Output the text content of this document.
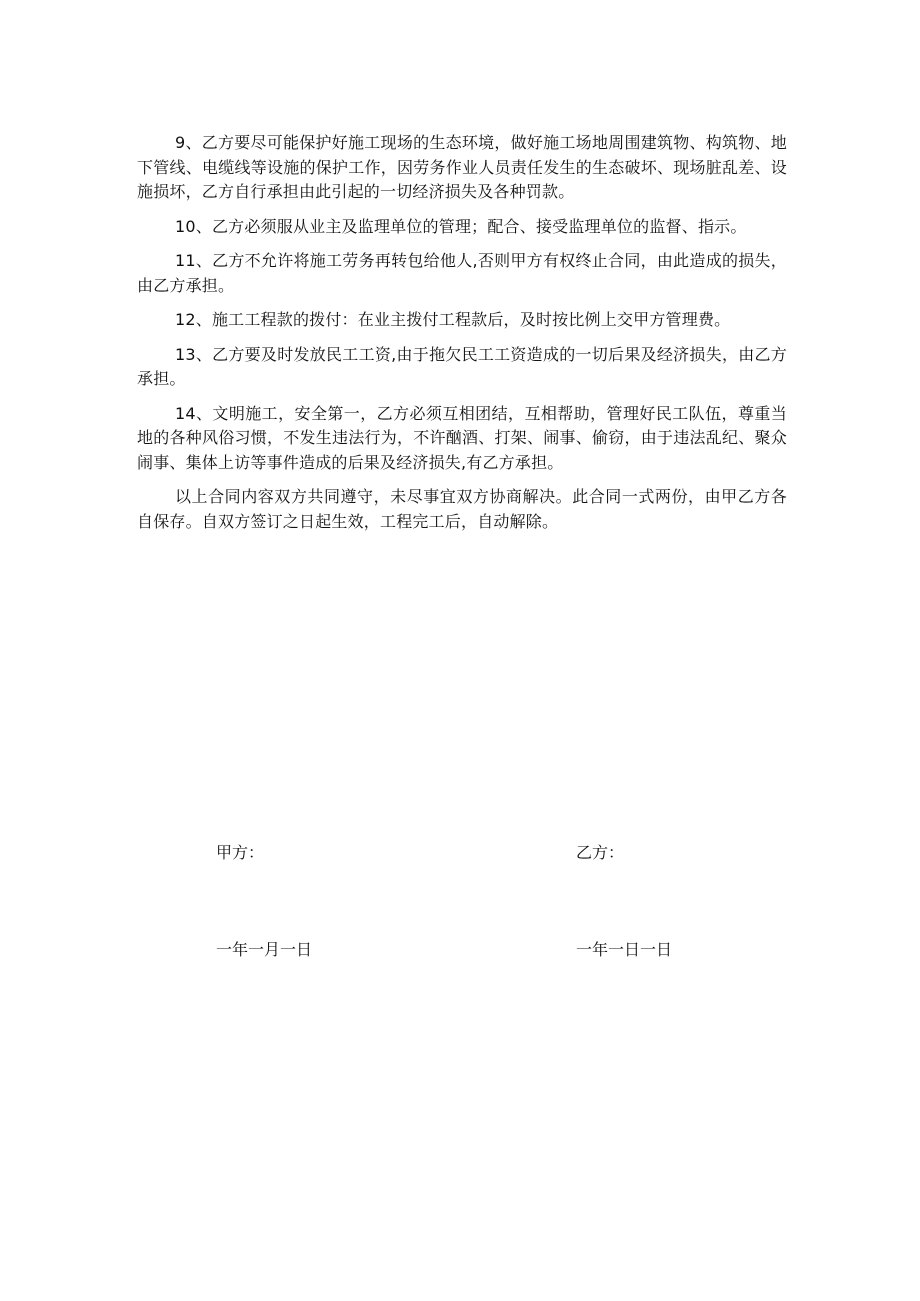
9、乙方要尽可能保护好施工现场的生态环境，做好施工场地周围建筑物、构筑物、地下管线、电缆线等设施的保护工作，因劳务作业人员责任发生的生态破坏、现场脏乱差、设施损坏，乙方自行承担由此引起的一切经济损失及各种罚款。

10、乙方必须服从业主及监理单位的管理；配合、接受监理单位的监督、指示。

11、乙方不允许将施工劳务再转包给他人,否则甲方有权终止合同，由此造成的损失，由乙方承担。

12、施工工程款的拨付：在业主拨付工程款后，及时按比例上交甲方管理费。

13、乙方要及时发放民工工资,由于拖欠民工工资造成的一切后果及经济损失，由乙方承担。

14、文明施工，安全第一，乙方必须互相团结，互相帮助，管理好民工队伍，尊重当地的各种风俗习惯，不发生违法行为，不许酗酒、打架、闹事、偷窃，由于违法乱纪、聚众闹事、集体上访等事件造成的后果及经济损失,有乙方承担。

以上合同内容双方共同遵守，未尽事宜双方协商解决。此合同一式两份，由甲乙方各自保存。自双方签订之日起生效，工程完工后，自动解除。

甲方：	乙方：
一年一月一日	一年一日一日
